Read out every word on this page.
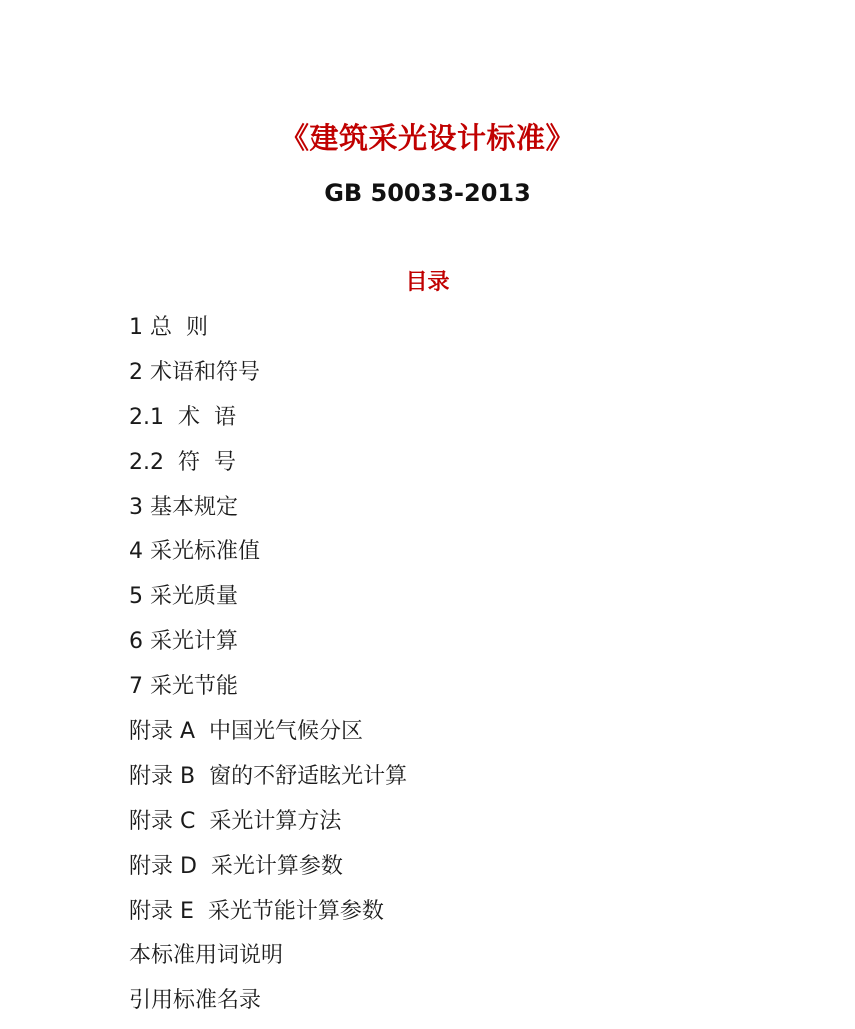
《建筑采光设计标准》
GB 50033-2013
目录
1 总  则
2 术语和符号
2.1  术  语
2.2  符  号
3 基本规定
4 采光标准值
5 采光质量
6 采光计算
7 采光节能
附录 A  中国光气候分区
附录 B  窗的不舒适眩光计算
附录 C  采光计算方法
附录 D  采光计算参数
附录 E  采光节能计算参数
本标准用词说明
引用标准名录
